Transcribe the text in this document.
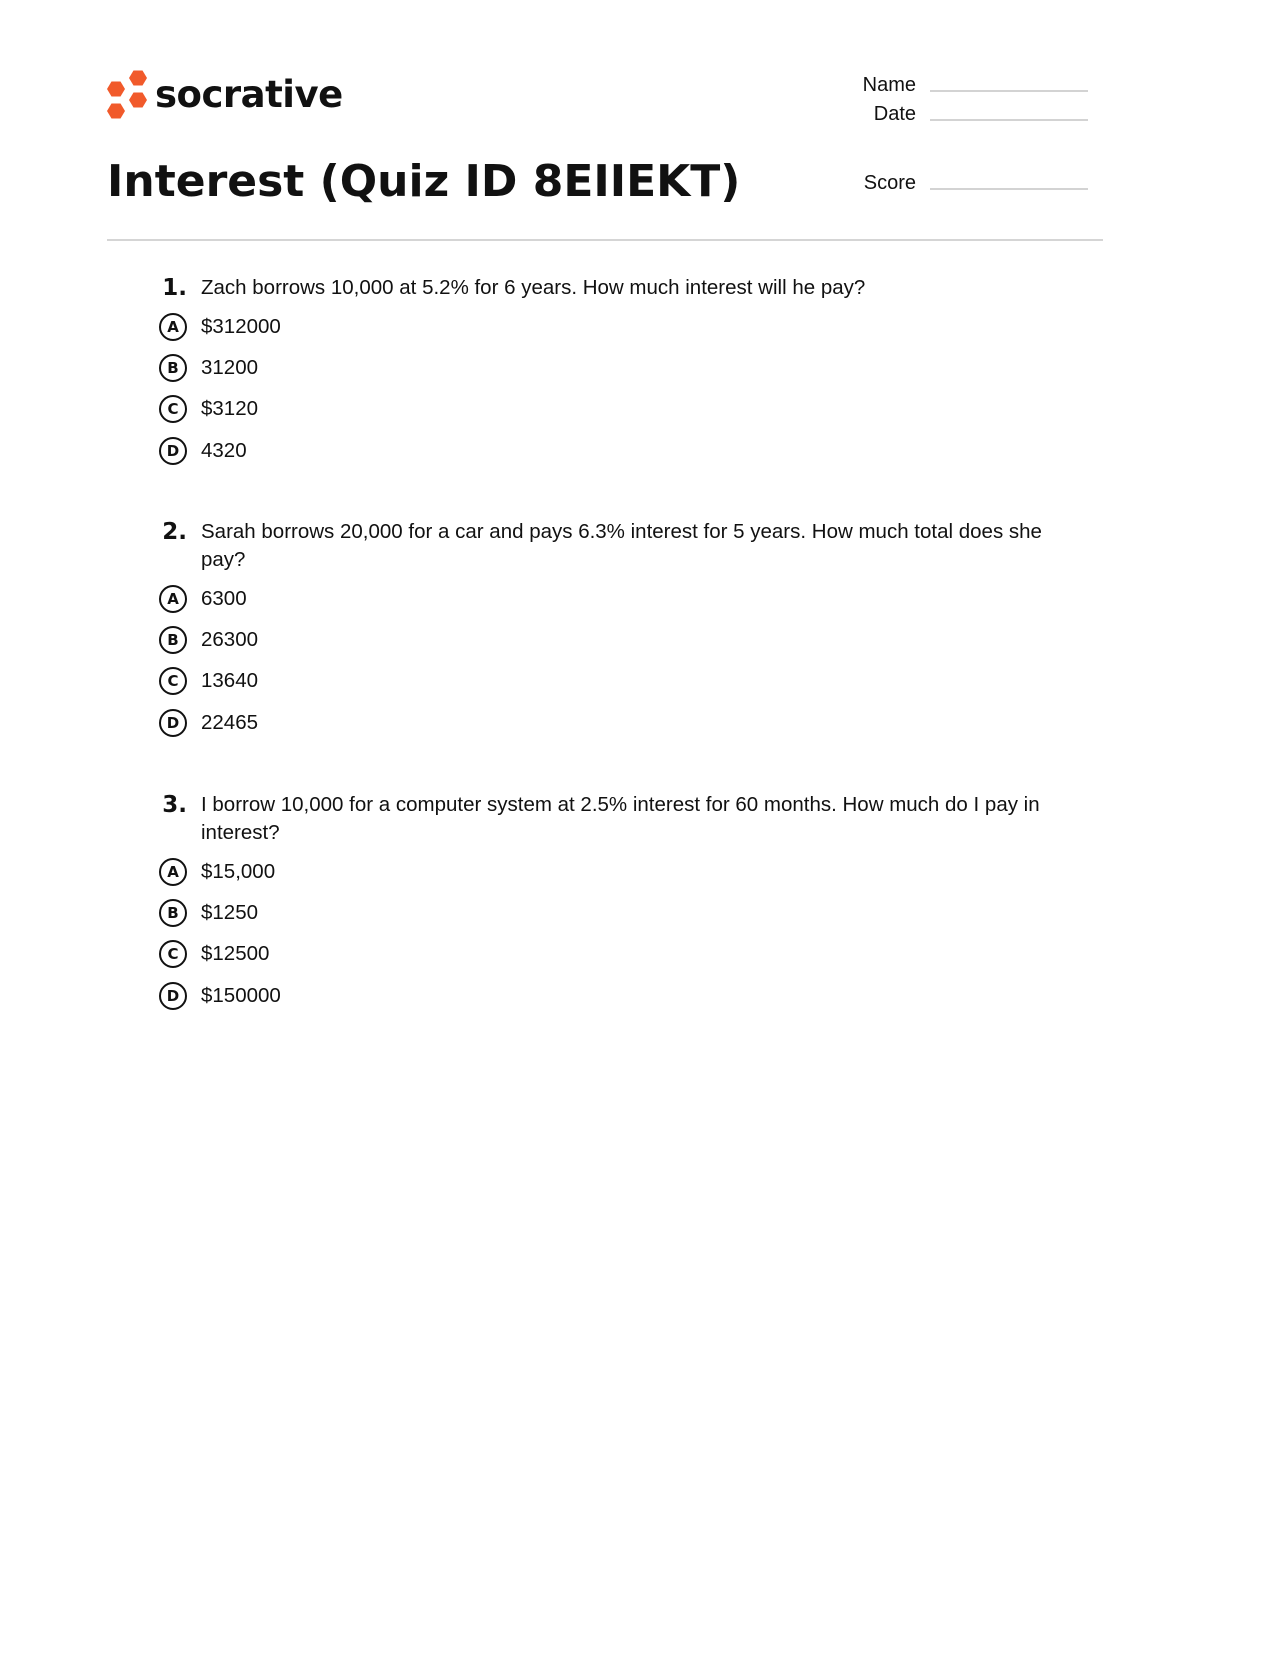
socrative	Name
Date
Score
Interest (Quiz ID 8EIIEKT)
1. Zach borrows 10,000 at 5.2% for 6 years. How much interest will he pay?
A	$312000
B	31200
C	$3120
D	4320
2. Sarah borrows 20,000 for a car and pays 6.3% interest for 5 years. How much total does she pay?
A	6300
B	26300
C	13640
D	22465
3. I borrow 10,000 for a computer system at 2.5% interest for 60 months. How much do I pay in interest?
A	$15,000
B	$1250
C	$12500
D	$150000
